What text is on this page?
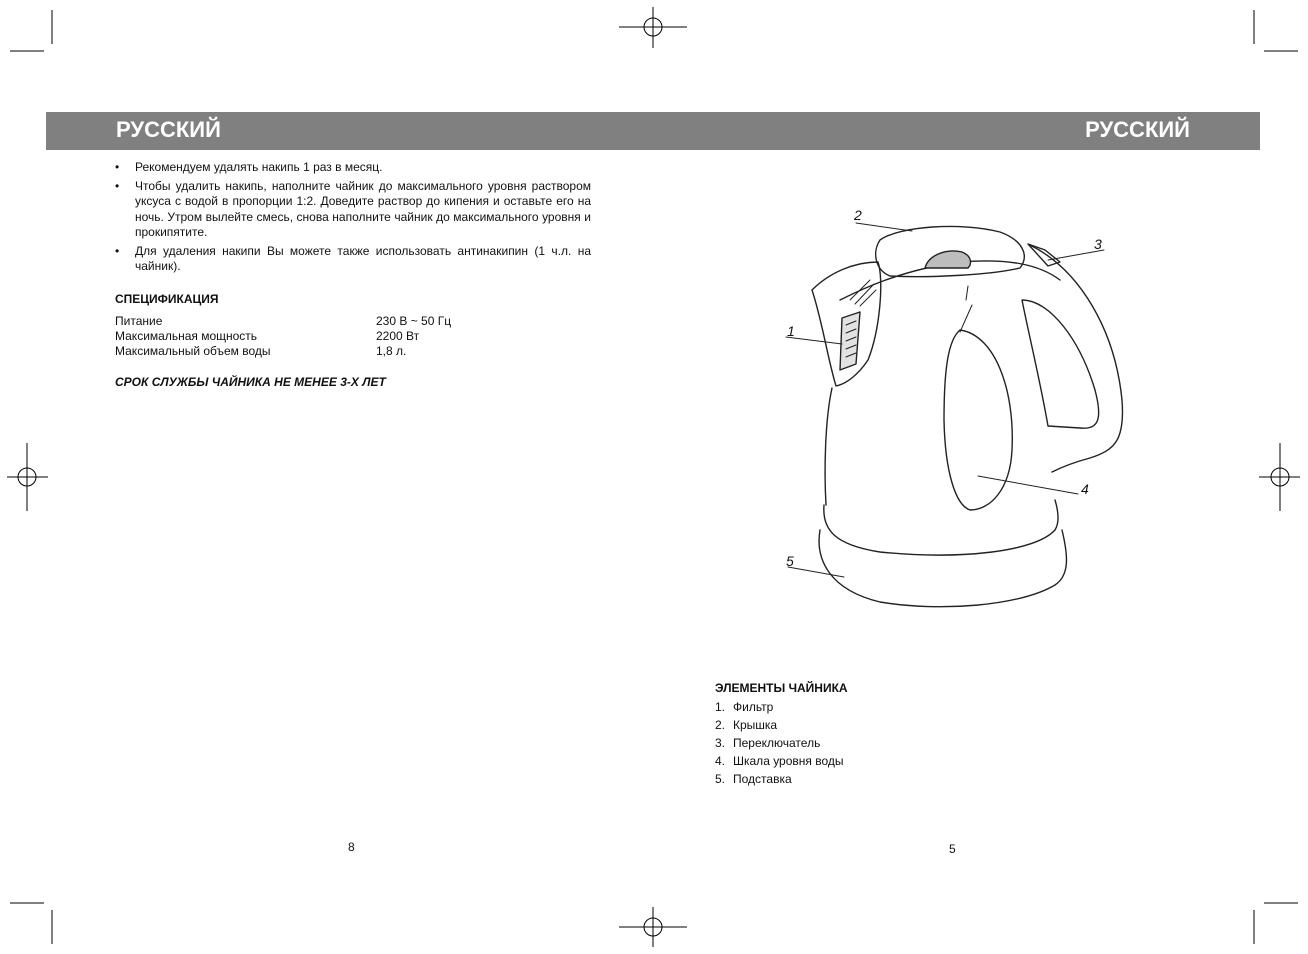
РУССКИЙ	РУССКИЙ
• Рекомендуем удалять накипь 1 раз в месяц.
• Чтобы удалить накипь, наполните чайник до максимального уровня раствором уксуса с водой в пропорции 1:2. Доведите раствор до кипения и оставьте его на ночь. Утром вылейте смесь, снова наполните чайник до максимального уровня и прокипятите.
• Для удаления накипи Вы можете также использовать антинакипин (1 ч.л. на чайник).
СПЕЦИФИКАЦИЯ
Питание	230 В ~ 50 Гц
Максимальная мощность	2200 Вт
Максимальный объем воды	1,8 л.
СРОК СЛУЖБЫ ЧАЙНИКА НЕ МЕНЕЕ 3-Х ЛЕТ
8
1
2
3
4
5
ЭЛЕМЕНТЫ ЧАЙНИКА
1. Фильтр
2. Крышка
3. Переключатель
4. Шкала уровня воды
5. Подставка
5
